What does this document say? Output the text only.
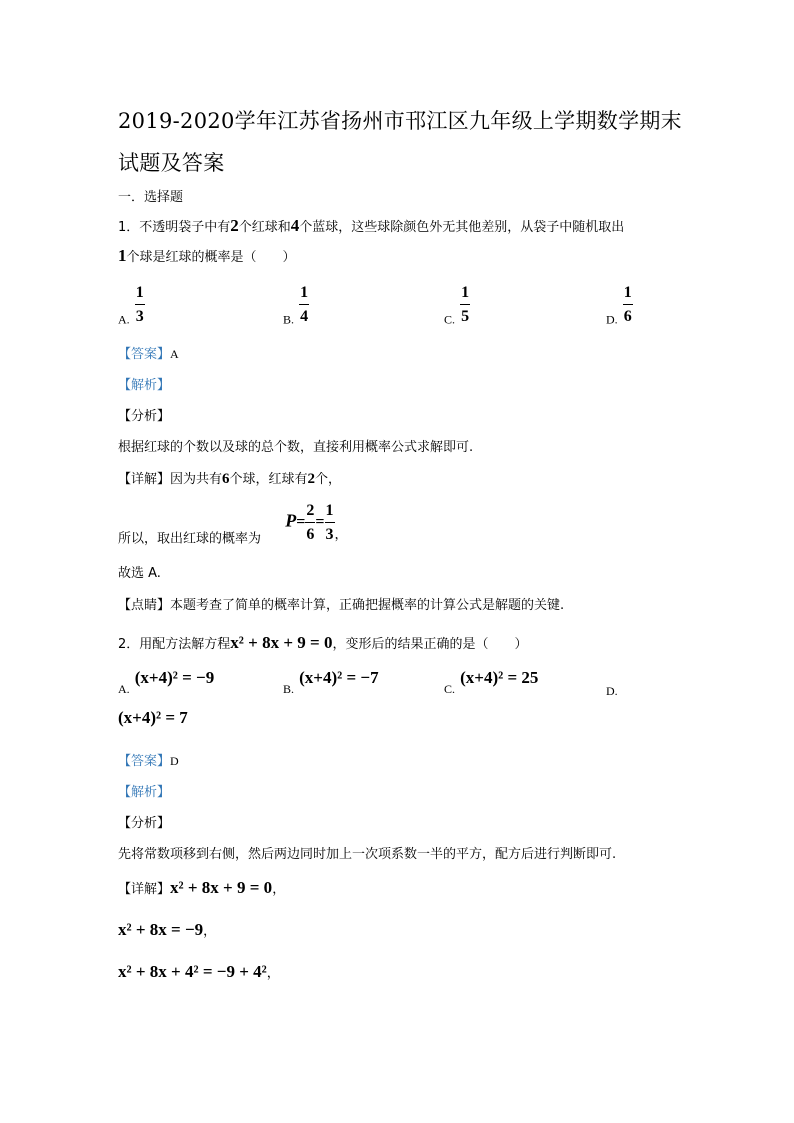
2019-2020学年江苏省扬州市邗江区九年级上学期数学期末
试题及答案
一．选择题
1．不透明袋子中有2个红球和4个蓝球，这些球除颜色外无其他差别，从袋子中随机取出
1个球是红球的概率是（　　）
$_{A.} \frac{1}{3}$	$_{B.} \frac{1}{4}$	$_{C.} \frac{1}{5}$	$_{D.} \frac{1}{6}$
【答案】A
【解析】
【分析】
根据红球的个数以及球的总个数，直接利用概率公式求解即可.
【详解】因为共有6个球，红球有2个，
所以，取出红球的概率为  $P= \frac{2}{6} = \frac{1}{3}$ ，
故选 A.
【点睛】本题考查了简单的概率计算，正确把握概率的计算公式是解题的关键.
2．用配方法解方程x² + 8x + 9 = 0，变形后的结果正确的是（　　）
$_{A.}$ (x+4)² = −9
$_{B.}$ (x+4)² = −7
$_{C.}$ (x+4)² = 25
D.
(x+4)² = 7
【答案】D
【解析】
【分析】
先将常数项移到右侧，然后两边同时加上一次项系数一半的平方，配方后进行判断即可.
【详解】x² + 8x + 9 = 0，
x² + 8x = −9，
x² + 8x + 4² = −9 + 4²，
